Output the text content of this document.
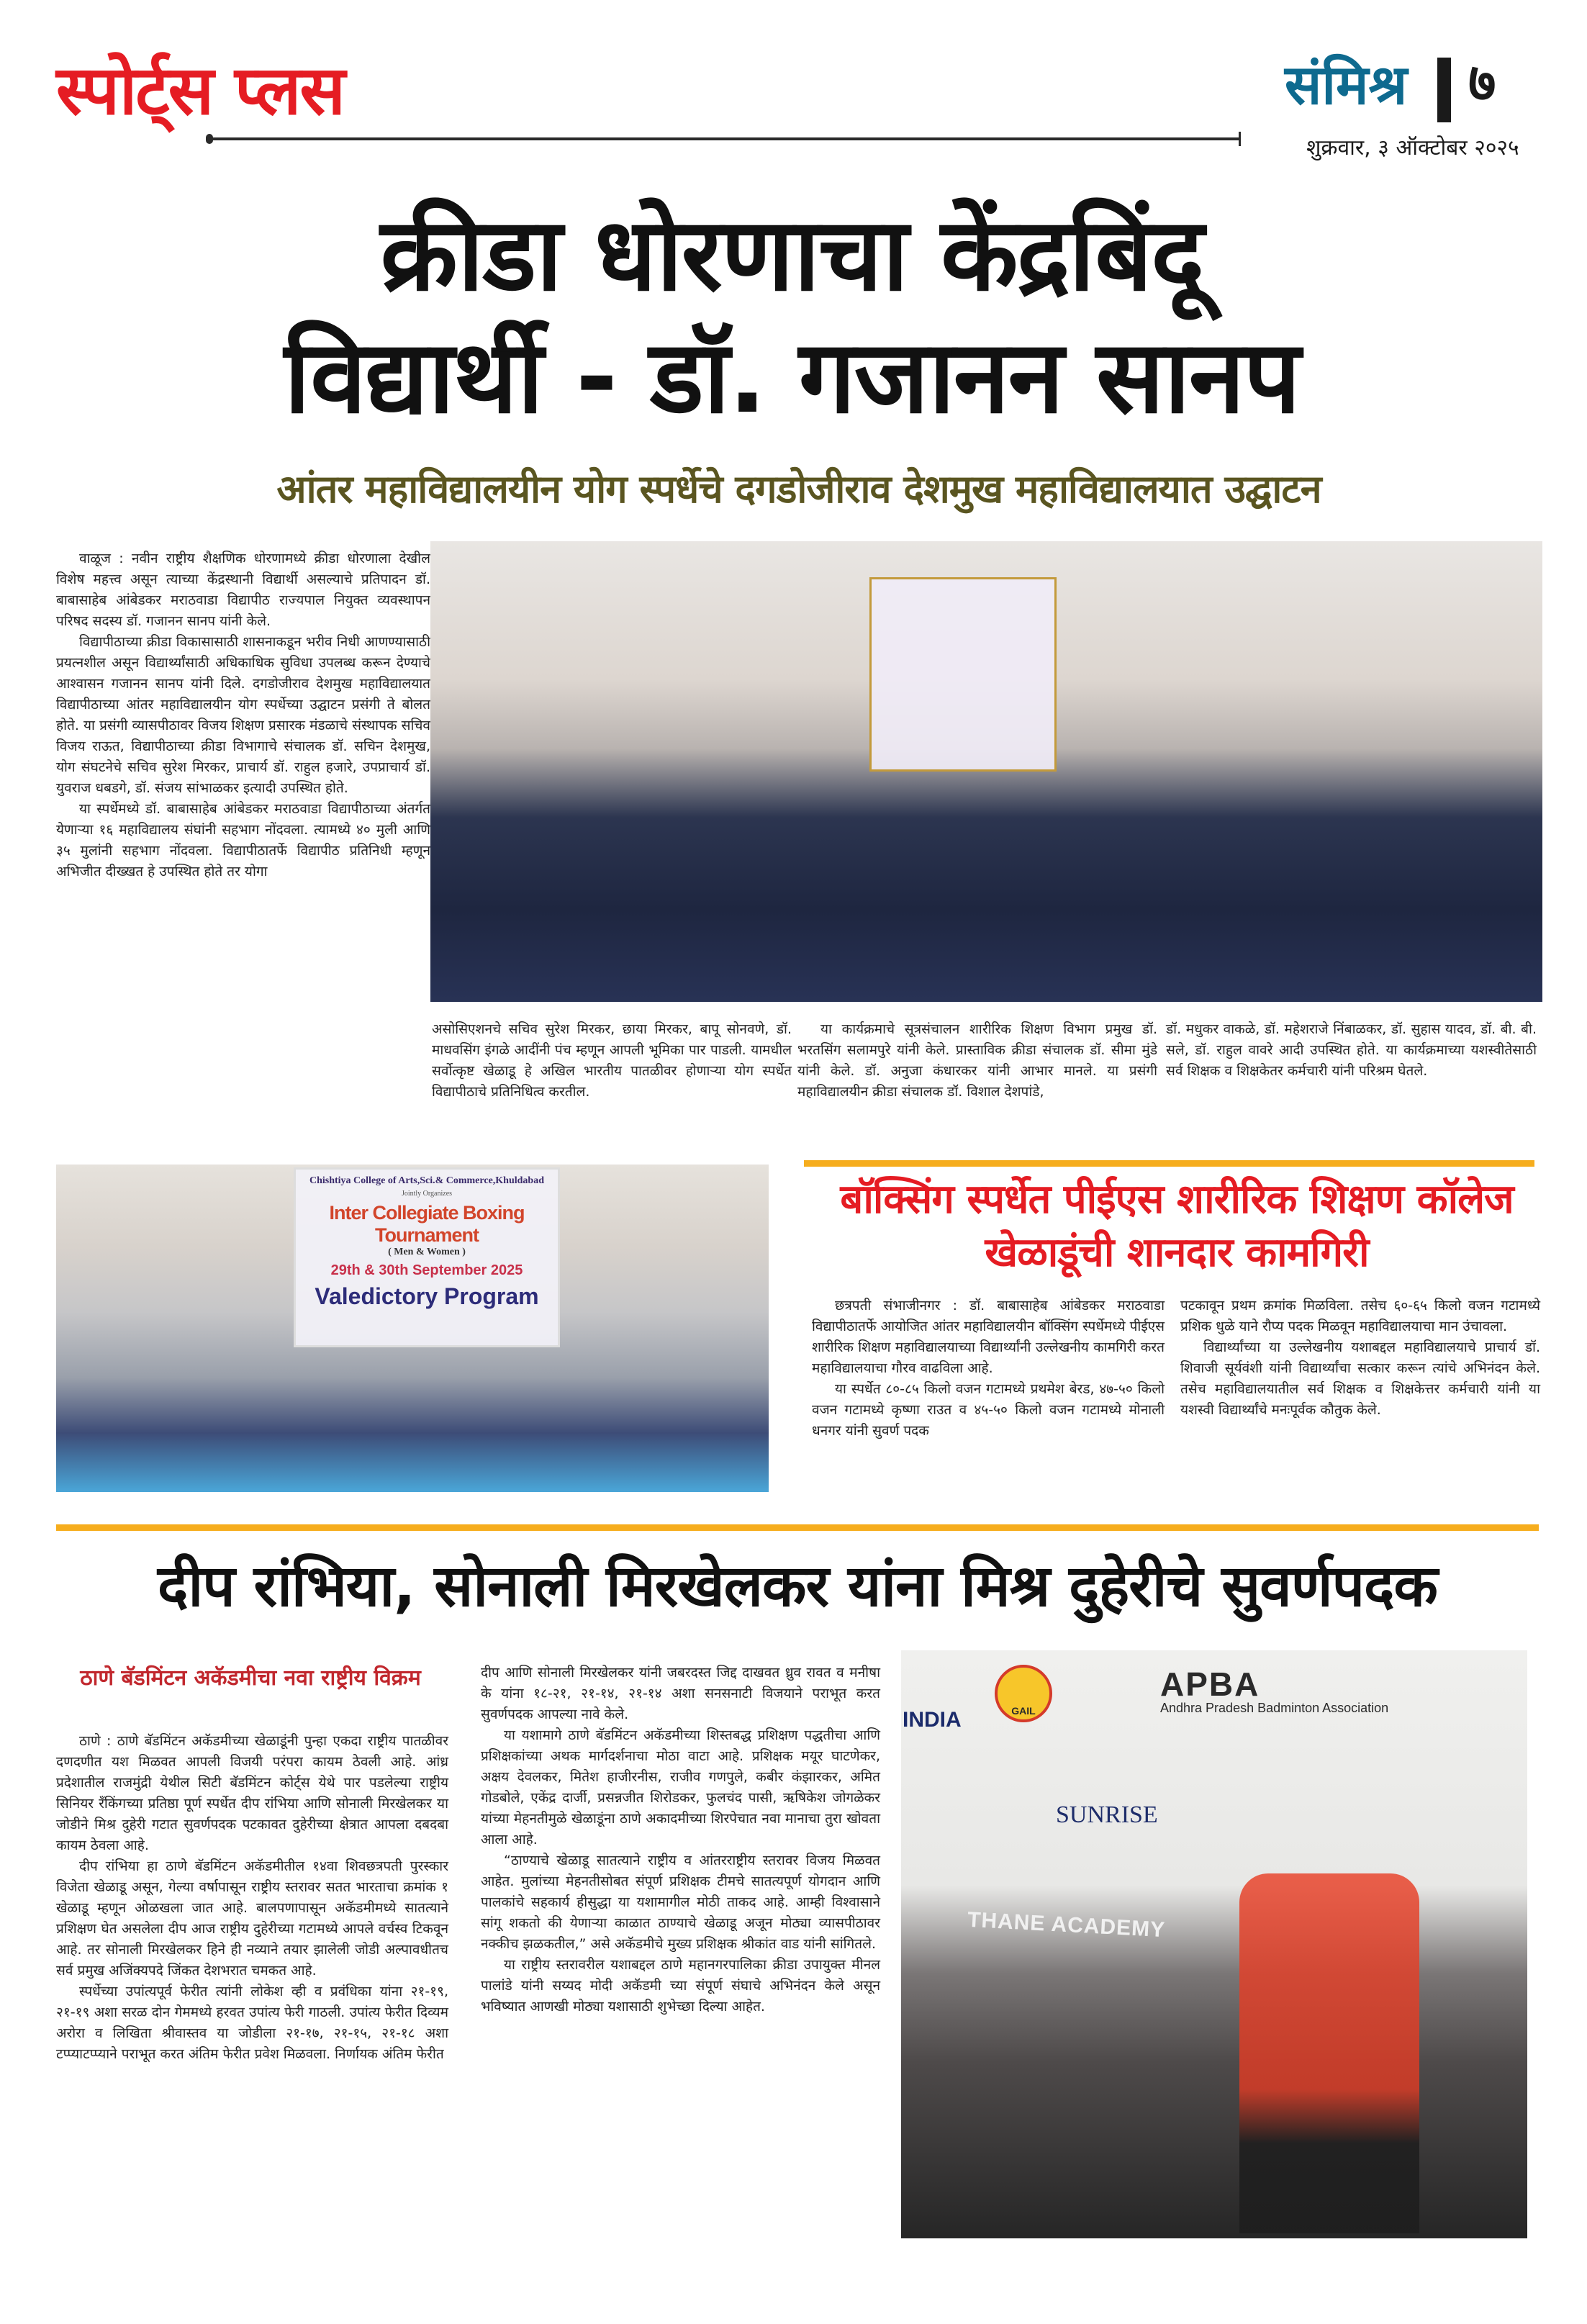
स्पोर्ट्स प्लस	संमिश्र ७
शुक्रवार, ३ ऑक्टोबर २०२५
क्रीडा धोरणाचा केंद्रबिंदू
विद्यार्थी - डॉ. गजानन सानप
आंतर महाविद्यालयीन योग स्पर्धेचे दगडोजीराव देशमुख महाविद्यालयात उद्घाटन

वाळूज : नवीन राष्ट्रीय शैक्षणिक धोरणामध्ये क्रीडा धोरणाला देखील विशेष महत्त्व असून त्याच्या केंद्रस्थानी विद्यार्थी असल्याचे प्रतिपादन डॉ. बाबासाहेब आंबेडकर मराठवाडा विद्यापीठ राज्यपाल नियुक्त व्यवस्थापन परिषद सदस्य डॉ. गजानन सानप यांनी केले.

विद्यापीठाच्या क्रीडा विकासासाठी शासनाकडून भरीव निधी आणण्यासाठी प्रयत्नशील असून विद्यार्थ्यांसाठी अधिकाधिक सुविधा उपलब्ध करून देण्याचे आश्वासन गजानन सानप यांनी दिले. दगडोजीराव देशमुख महाविद्यालयात विद्यापीठाच्या आंतर महाविद्यालयीन योग स्पर्धेच्या उद्घाटन प्रसंगी ते बोलत होते. या प्रसंगी व्यासपीठावर विजय शिक्षण प्रसारक मंडळाचे संस्थापक सचिव विजय राऊत, विद्यापीठाच्या क्रीडा विभागाचे संचालक डॉ. सचिन देशमुख, योग संघटनेचे सचिव सुरेश मिरकर, प्राचार्य डॉ. राहुल हजारे, उपप्राचार्य डॉ. युवराज धबडगे, डॉ. संजय सांभाळकर इत्यादी उपस्थित होते.

या स्पर्धेमध्ये डॉ. बाबासाहेब आंबेडकर मराठवाडा विद्यापीठाच्या अंतर्गत येणाऱ्या १६ महाविद्यालय संघांनी सहभाग नोंदवला. त्यामध्ये ४० मुली आणि ३५ मुलांनी सहभाग नोंदवला. विद्यापीठातर्फे विद्यापीठ प्रतिनिधी म्हणून अभिजीत दीख्खत हे उपस्थित होते तर योगा

असोसिएशनचे सचिव सुरेश मिरकर, छाया मिरकर, बापू सोनवणे, डॉ. माधवसिंग इंगळे आदींनी पंच म्हणून आपली भूमिका पार पाडली. यामधील सर्वोत्कृष्ट खेळाडू हे अखिल भारतीय पातळीवर होणाऱ्या योग स्पर्धेत विद्यापीठाचे प्रतिनिधित्व करतील.

या कार्यक्रमाचे सूत्रसंचालन शारीरिक शिक्षण विभाग प्रमुख डॉ. भरतसिंग सलामपुरे यांनी केले. प्रास्ताविक क्रीडा संचालक डॉ. सीमा मुंडे यांनी केले. डॉ. अनुजा कंधारकर यांनी आभार मानले. या प्रसंगी महाविद्यालयीन क्रीडा संचालक डॉ. विशाल देशपांडे,

डॉ. मधुकर वाकळे, डॉ. महेशराजे निंबाळकर, डॉ. सुहास यादव, डॉ. बी. बी. सले, डॉ. राहुल वावरे आदी उपस्थित होते. या कार्यक्रमाच्या यशस्वीतेसाठी सर्व शिक्षक व शिक्षकेतर कर्मचारी यांनी परिश्रम घेतले.

Chishtiya College of Arts,Sci.& Commerce,Khuldabad
Jointly Organizes
Inter Collegiate Boxing Tournament
( Men & Women )
29th & 30th September 2025
Valedictory Program
बॉक्सिंग स्पर्धेत पीईएस शारीरिक शिक्षण कॉलेज खेळाडूंची शानदार कामगिरी

छत्रपती संभाजीनगर : डॉ. बाबासाहेब आंबेडकर मराठवाडा विद्यापीठातर्फे आयोजित आंतर महाविद्यालयीन बॉक्सिंग स्पर्धेमध्ये पीईएस शारीरिक शिक्षण महाविद्यालयाच्या विद्यार्थ्यांनी उल्लेखनीय कामगिरी करत महाविद्यालयाचा गौरव वाढविला आहे.

या स्पर्धेत ८०-८५ किलो वजन गटामध्ये प्रथमेश बेरड, ४७-५० किलो वजन गटामध्ये कृष्णा राउत व ४५-५० किलो वजन गटामध्ये मोनाली धनगर यांनी सुवर्ण पदक

पटकावून प्रथम क्रमांक मिळविला. तसेच ६०-६५ किलो वजन गटामध्ये प्रशिक धुळे याने रौप्य पदक मिळवून महाविद्यालयाचा मान उंचावला.

विद्यार्थ्यांच्या या उल्लेखनीय यशाबद्दल महाविद्यालयाचे प्राचार्य डॉ. शिवाजी सूर्यवंशी यांनी विद्यार्थ्यांचा सत्कार करून त्यांचे अभिनंदन केले. तसेच महाविद्यालयातील सर्व शिक्षक व शिक्षकेत्तर कर्मचारी यांनी या यशस्वी विद्यार्थ्यांचे मनःपूर्वक कौतुक केले.

दीप रांभिया, सोनाली मिरखेलकर यांना मिश्र दुहेरीचे सुवर्णपदक
ठाणे बॅडमिंटन अकॅडमीचा नवा राष्ट्रीय विक्रम

ठाणे : ठाणे बॅडमिंटन अकॅडमीच्या खेळाडूंनी पुन्हा एकदा राष्ट्रीय पातळीवर दणदणीत यश मिळवत आपली विजयी परंपरा कायम ठेवली आहे. आंध्र प्रदेशातील राजमुंद्री येथील सिटी बॅडमिंटन कोर्ट्स येथे पार पडलेल्या राष्ट्रीय सिनियर रँकिंगच्या प्रतिष्ठा पूर्ण स्पर्धेत दीप रांभिया आणि सोनाली मिरखेलकर या जोडीने मिश्र दुहेरी गटात सुवर्णपदक पटकावत दुहेरीच्या क्षेत्रात आपला दबदबा कायम ठेवला आहे.

दीप रांभिया हा ठाणे बॅडमिंटन अकॅडमीतील १४वा शिवछत्रपती पुरस्कार विजेता खेळाडू असून, गेल्या वर्षापासून राष्ट्रीय स्तरावर सतत भारताचा क्रमांक १ खेळाडू म्हणून ओळखला जात आहे. बालपणापासून अकॅडमीमध्ये सातत्याने प्रशिक्षण घेत असलेला दीप आज राष्ट्रीय दुहेरीच्या गटामध्ये आपले वर्चस्व टिकवून आहे. तर सोनाली मिरखेलकर हिने ही नव्याने तयार झालेली जोडी अल्पावधीतच सर्व प्रमुख अजिंक्यपदे जिंकत देशभरात चमकत आहे.

स्पर्धेच्या उपांत्यपूर्व फेरीत त्यांनी लोकेश व्ही व प्रवंधिका यांना २१-१९, २१-१९ अशा सरळ दोन गेममध्ये हरवत उपांत्य फेरी गाठली. उपांत्य फेरीत दिव्यम अरोरा व लिखिता श्रीवास्तव या जोडीला २१-१७, २१-१५, २१-१८ अशा टप्प्याटप्प्याने पराभूत करत अंतिम फेरीत प्रवेश मिळवला. निर्णायक अंतिम फेरीत

दीप आणि सोनाली मिरखेलकर यांनी जबरदस्त जिद्द दाखवत ध्रुव रावत व मनीषा के यांना १८-२१, २१-१४, २१-१४ अशा सनसनाटी विजयाने पराभूत करत सुवर्णपदक आपल्या नावे केले.

या यशामागे ठाणे बॅडमिंटन अकॅडमीच्या शिस्तबद्ध प्रशिक्षण पद्धतीचा आणि प्रशिक्षकांच्या अथक मार्गदर्शनाचा मोठा वाटा आहे. प्रशिक्षक मयूर घाटणेकर, अक्षय देवलकर, मितेश हाजीरनीस, राजीव गणपुले, कबीर कंझारकर, अमित गोडबोले, एकेंद्र दार्जी, प्रसन्नजीत शिरोडकर, फुलचंद पासी, ऋषिकेश जोगळेकर यांच्या मेहनतीमुळे खेळाडूंना ठाणे अकादमीच्या शिरपेचात नवा मानाचा तुरा खोवता आला आहे.

“ठाण्याचे खेळाडू सातत्याने राष्ट्रीय व आंतरराष्ट्रीय स्तरावर विजय मिळवत आहेत. मुलांच्या मेहनतीसोबत संपूर्ण प्रशिक्षक टीमचे सातत्यपूर्ण योगदान आणि पालकांचे सहकार्य हीसुद्धा या यशामागील मोठी ताकद आहे. आम्ही विश्वासाने सांगू शकतो की येणाऱ्या काळात ठाण्याचे खेळाडू अजून मोठ्या व्यासपीठावर नक्कीच झळकतील,” असे अकॅडमीचे मुख्य प्रशिक्षक श्रीकांत वाड यांनी सांगितले.

या राष्ट्रीय स्तरावरील यशाबद्दल ठाणे महानगरपालिका क्रीडा उपायुक्त मीनल पालांडे यांनी सय्यद मोदी अकॅडमी च्या संपूर्ण संघाचे अभिनंदन केले असून भविष्यात आणखी मोठ्या यशासाठी शुभेच्छा दिल्या आहेत.

APBA
Andhra Pradesh Badminton Association
SUNRISE
GAIL
INDIA
THANE ACADEMY
